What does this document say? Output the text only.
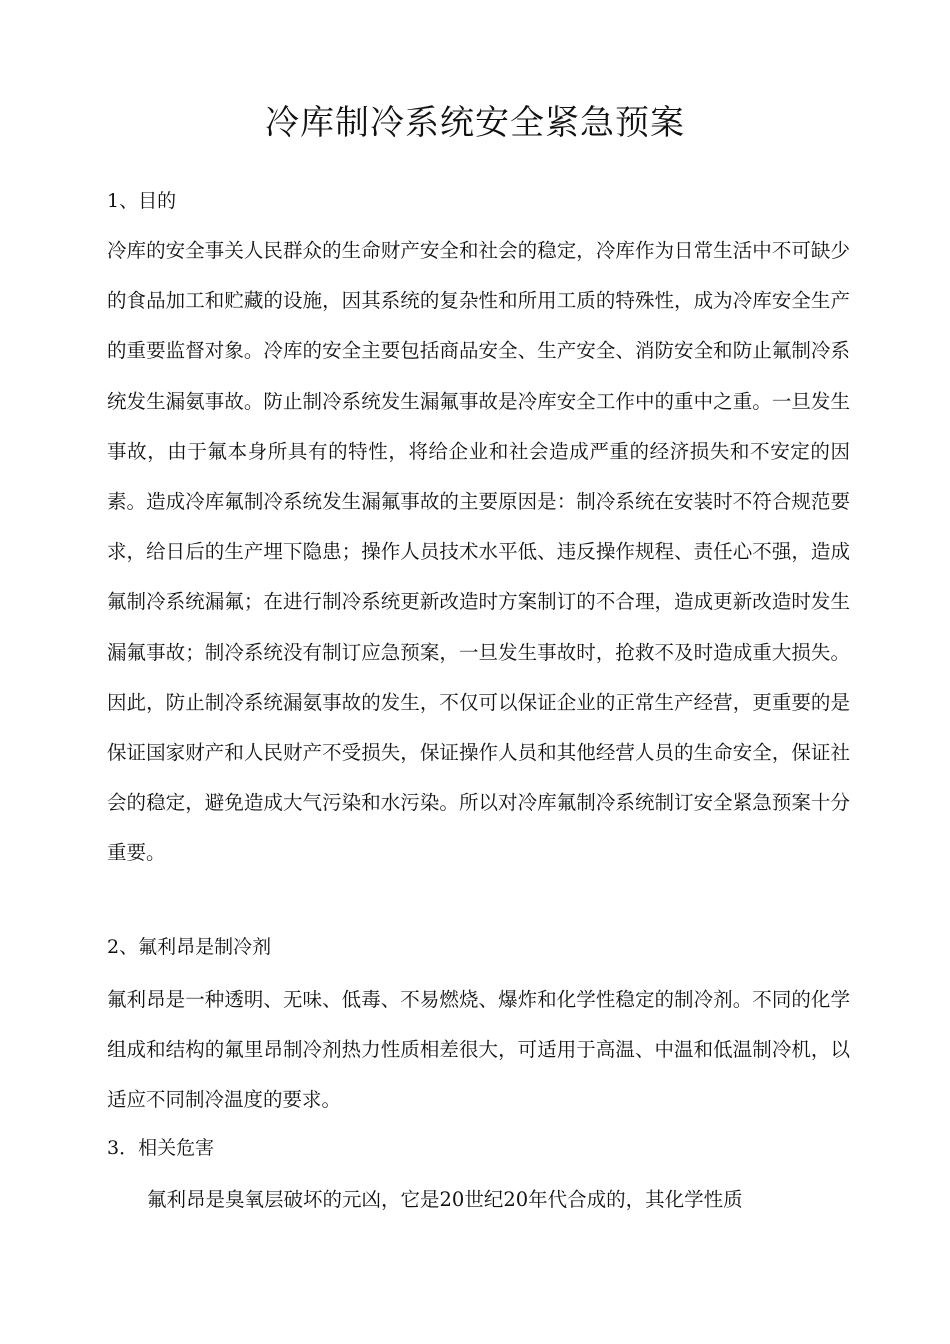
冷库制冷系统安全紧急预案
1、目的

冷库的安全事关人民群众的生命财产安全和社会的稳定，冷库作为日常生活中不可缺少的食品加工和贮藏的设施，因其系统的复杂性和所用工质的特殊性，成为冷库安全生产的重要监督对象。冷库的安全主要包括商品安全、生产安全、消防安全和防止氟制冷系统发生漏氨事故。防止制冷系统发生漏氟事故是冷库安全工作中的重中之重。一旦发生事故，由于氟本身所具有的特性，将给企业和社会造成严重的经济损失和不安定的因素。造成冷库氟制冷系统发生漏氟事故的主要原因是：制冷系统在安装时不符合规范要求，给日后的生产埋下隐患；操作人员技术水平低、违反操作规程、责任心不强，造成氟制冷系统漏氟；在进行制冷系统更新改造时方案制订的不合理，造成更新改造时发生漏氟事故；制冷系统没有制订应急预案，一旦发生事故时，抢救不及时造成重大损失。因此，防止制冷系统漏氨事故的发生，不仅可以保证企业的正常生产经营，更重要的是保证国家财产和人民财产不受损失，保证操作人员和其他经营人员的生命安全，保证社会的稳定，避免造成大气污染和水污染。所以对冷库氟制冷系统制订安全紧急预案十分重要。

2、氟利昂是制冷剂

氟利昂是一种透明、无味、低毒、不易燃烧、爆炸和化学性稳定的制冷剂。不同的化学组成和结构的氟里昂制冷剂热力性质相差很大，可适用于高温、中温和低温制冷机，以适应不同制冷温度的要求。

3．相关危害

氟利昂是臭氧层破坏的元凶，它是20世纪20年代合成的，其化学性质
